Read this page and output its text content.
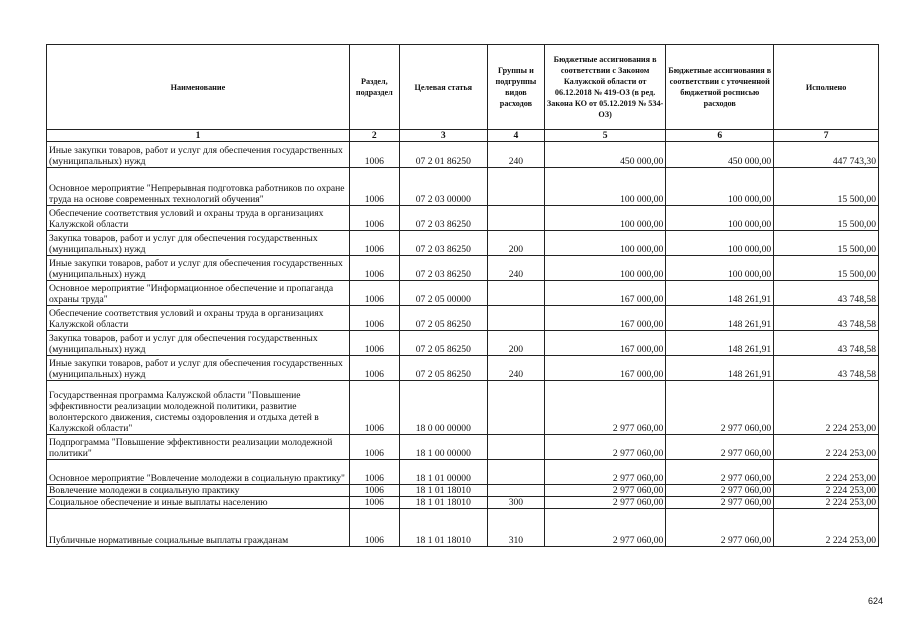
Наименование	Раздел, подраздел	Целевая статья	Группы и подгруппы видов расходов	Бюджетные ассигнования в соответствии с Законом Калужской области от 06.12.2018 № 419-ОЗ (в ред. Закона КО от 05.12.2019 № 534-ОЗ)	Бюджетные ассигнования в соответствии с уточненной бюджетной росписью расходов	Исполнено
1	2	3	4	5	6	7
Иные закупки товаров, работ и услуг для обеспечения государственных (муниципальных) нужд	1006	07 2 01 86250	240	450 000,00	450 000,00	447 743,30
Основное мероприятие "Непрерывная подготовка работников по охране труда на основе современных технологий обучения"	1006	07 2 03 00000		100 000,00	100 000,00	15 500,00
Обеспечение соответствия условий и охраны труда в организациях Калужской области	1006	07 2 03 86250		100 000,00	100 000,00	15 500,00
Закупка товаров, работ и услуг для обеспечения государственных (муниципальных) нужд	1006	07 2 03 86250	200	100 000,00	100 000,00	15 500,00
Иные закупки товаров, работ и услуг для обеспечения государственных (муниципальных) нужд	1006	07 2 03 86250	240	100 000,00	100 000,00	15 500,00
Основное мероприятие "Информационное обеспечение и пропаганда охраны труда"	1006	07 2 05 00000		167 000,00	148 261,91	43 748,58
Обеспечение соответствия условий и охраны труда в организациях Калужской области	1006	07 2 05 86250		167 000,00	148 261,91	43 748,58
Закупка товаров, работ и услуг для обеспечения государственных (муниципальных) нужд	1006	07 2 05 86250	200	167 000,00	148 261,91	43 748,58
Иные закупки товаров, работ и услуг для обеспечения государственных (муниципальных) нужд	1006	07 2 05 86250	240	167 000,00	148 261,91	43 748,58
Государственная программа Калужской области "Повышение эффективности реализации молодежной политики, развитие волонтерского движения, системы оздоровления и отдыха детей в Калужской области"	1006	18 0 00 00000		2 977 060,00	2 977 060,00	2 224 253,00
Подпрограмма "Повышение эффективности реализации молодежной политики"	1006	18 1 00 00000		2 977 060,00	2 977 060,00	2 224 253,00
Основное мероприятие "Вовлечение молодежи в социальную практику"	1006	18 1 01 00000		2 977 060,00	2 977 060,00	2 224 253,00
Вовлечение молодежи в социальную практику	1006	18 1 01 18010		2 977 060,00	2 977 060,00	2 224 253,00
Социальное обеспечение и иные выплаты населению	1006	18 1 01 18010	300	2 977 060,00	2 977 060,00	2 224 253,00
Публичные нормативные социальные выплаты гражданам	1006	18 1 01 18010	310	2 977 060,00	2 977 060,00	2 224 253,00
624
